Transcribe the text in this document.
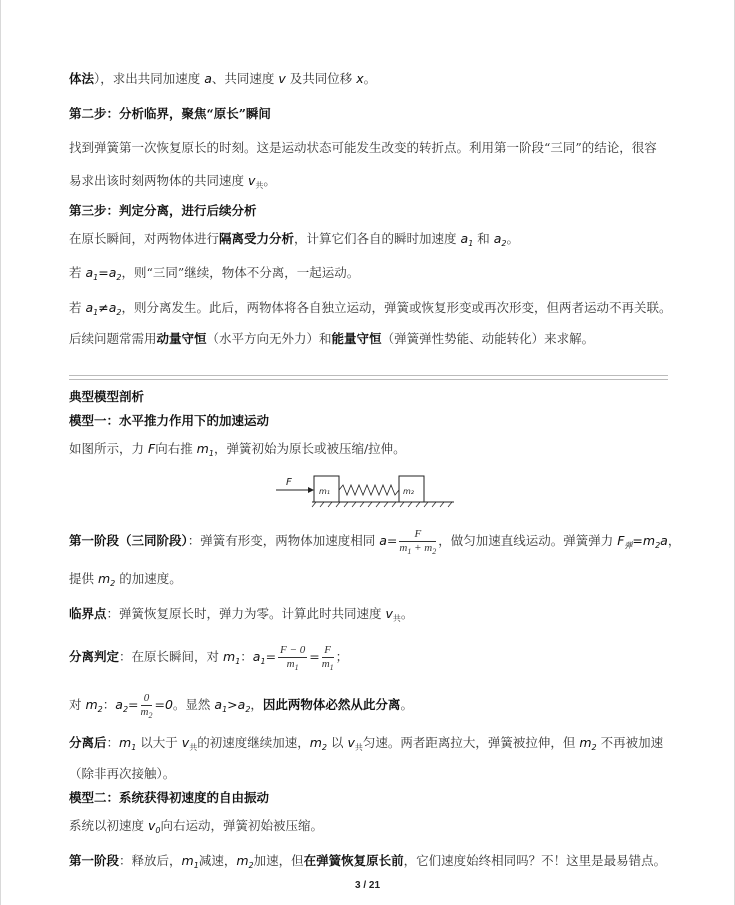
体法），求出共同加速度 a、共同速度 v 及共同位移 x。
第二步：分析临界，聚焦“原长”瞬间
找到弹簧第一次恢复原长的时刻。这是运动状态可能发生改变的转折点。利用第一阶段“三同”的结论，很容
易求出该时刻两物体的共同速度 $v_共$。
第三步：判定分离，进行后续分析
在原长瞬间，对两物体进行隔离受力分析，计算它们各自的瞬时加速度 $a_1$ 和 $a_2$。
若 $a_1=a_2$，则“三同”继续，物体不分离，一起运动。
若 $a_1\ne a_2$，则分离发生。此后，两物体将各自独立运动，弹簧或恢复形变或再次形变，但两者运动不再关联。
后续问题常需用动量守恒（水平方向无外力）和能量守恒（弹簧弹性势能、动能转化）来求解。
典型模型剖析
模型一：水平推力作用下的加速运动
如图所示，力 F向右推 $m_1$，弹簧初始为原长或被压缩/拉伸。
F
m₁	m₂
第一阶段（三同阶段）：弹簧有形变，两物体加速度相同 $a= \frac{F}{m_1 + m_2}$ ，做匀加速直线运动。弹簧弹力 $F_弹=m_2a$，
提供 $m_2$ 的加速度。
临界点：弹簧恢复原长时，弹力为零。计算此时共同速度 $v_共$。
分离判定：在原长瞬间，对 $m_1$：$a_1= \frac{F - 0}{m_1} = \frac{F}{m_1}$ ；
对 $m_2$：$a_2= \frac{0}{m_2} =0$。显然 $a_1>a_2$，因此两物体必然从此分离。
分离后：$m_1$ 以大于 $v_共$的初速度继续加速，$m_2$ 以 $v_共$匀速。两者距离拉大，弹簧被拉伸，但 $m_2$ 不再被加速
（除非再次接触）。
模型二：系统获得初速度的自由振动
系统以初速度 $v_0$向右运动，弹簧初始被压缩。
第一阶段：释放后，$m_1$减速，$m_2$加速，但在弹簧恢复原长前，它们速度始终相同吗？不！这里是最易错点。
3 / 21
